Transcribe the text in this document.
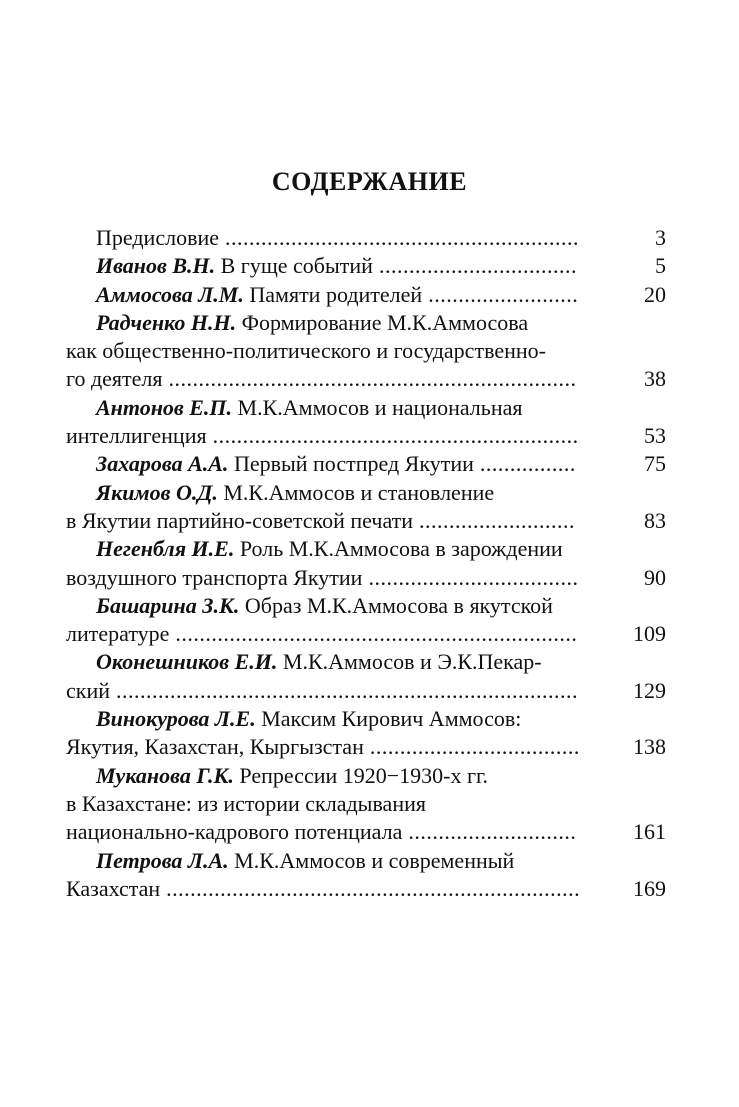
СОДЕРЖАНИЕ
Предисловие ...........................................................	3
Иванов В.Н. В гуще событий .................................	5
Аммосова Л.М. Памяти родителей .........................	20
Радченко Н.Н. Формирование М.К.Аммосова
как общественно-политического и государственно-
го деятеля ....................................................................	38
Антонов Е.П. М.К.Аммосов и национальная
интеллигенция .............................................................	53
Захарова А.А. Первый постпред Якутии ................	75
Якимов О.Д. М.К.Аммосов и становление
в Якутии партийно-советской печати ..........................	83
Негенбля И.Е. Роль М.К.Аммосова в зарождении
воздушного транспорта Якутии ...................................	90
Башарина З.К. Образ М.К.Аммосова в якутской
литературе ...................................................................	109
Оконешников Е.И. М.К.Аммосов и Э.К.Пекар-
ский .............................................................................	129
Винокурова Л.Е. Максим Кирович Аммосов:
Якутия, Казахстан, Кыргызстан ...................................	138
Муканова Г.К. Репрессии 1920−1930-х гг.
в Казахстане: из истории складывания
национально-кадрового потенциала ............................	161
Петрова Л.А. М.К.Аммосов и современный
Казахстан .....................................................................	169
